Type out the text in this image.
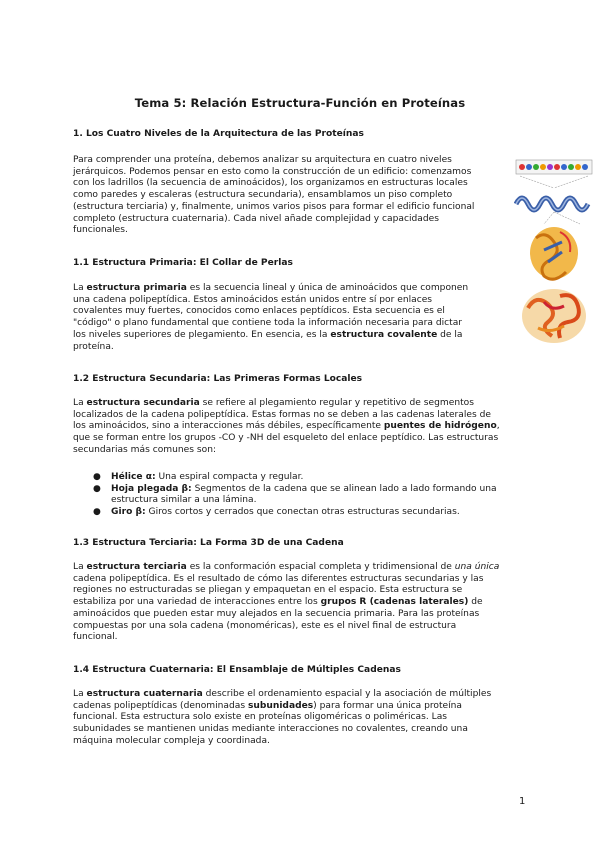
Tema 5: Relación Estructura-Función en Proteínas
1. Los Cuatro Niveles de la Arquitectura de las Proteínas

Para comprender una proteína, debemos analizar su arquitectura en cuatro niveles
jerárquicos. Podemos pensar en esto como la construcción de un edificio: comenzamos
con los ladrillos (la secuencia de aminoácidos), los organizamos en estructuras locales
como paredes y escaleras (estructura secundaria), ensamblamos un piso completo
(estructura terciaria) y, finalmente, unimos varios pisos para formar el edificio funcional
completo (estructura cuaternaria). Cada nivel añade complejidad y capacidades
funcionales.

1.1 Estructura Primaria: El Collar de Perlas

La estructura primaria es la secuencia lineal y única de aminoácidos que componen
una cadena polipeptídica. Estos aminoácidos están unidos entre sí por enlaces
covalentes muy fuertes, conocidos como enlaces peptídicos. Esta secuencia es el
"código" o plano fundamental que contiene toda la información necesaria para dictar
los niveles superiores de plegamiento. En esencia, es la estructura covalente de la
proteína.

1.2 Estructura Secundaria: Las Primeras Formas Locales

La estructura secundaria se refiere al plegamiento regular y repetitivo de segmentos
localizados de la cadena polipeptídica. Estas formas no se deben a las cadenas laterales de
los aminoácidos, sino a interacciones más débiles, específicamente puentes de hidrógeno,
que se forman entre los grupos -CO y -NH del esqueleto del enlace peptídico. Las estructuras
secundarias más comunes son:

● Hélice α: Una espiral compacta y regular.
● Hoja plegada β: Segmentos de la cadena que se alinean lado a lado formando una
estructura similar a una lámina.
● Giro β: Giros cortos y cerrados que conectan otras estructuras secundarias.
1.3 Estructura Terciaria: La Forma 3D de una Cadena

La estructura terciaria es la conformación espacial completa y tridimensional de una única
cadena polipeptídica. Es el resultado de cómo las diferentes estructuras secundarias y las
regiones no estructuradas se pliegan y empaquetan en el espacio. Esta estructura se
estabiliza por una variedad de interacciones entre los grupos R (cadenas laterales) de
aminoácidos que pueden estar muy alejados en la secuencia primaria. Para las proteínas
compuestas por una sola cadena (monoméricas), este es el nivel final de estructura
funcional.

1.4 Estructura Cuaternaria: El Ensamblaje de Múltiples Cadenas

La estructura cuaternaria describe el ordenamiento espacial y la asociación de múltiples
cadenas polipeptídicas (denominadas subunidades) para formar una única proteína
funcional. Esta estructura solo existe en proteínas oligoméricas o poliméricas. Las
subunidades se mantienen unidas mediante interacciones no covalentes, creando una
máquina molecular compleja y coordinada.

1
